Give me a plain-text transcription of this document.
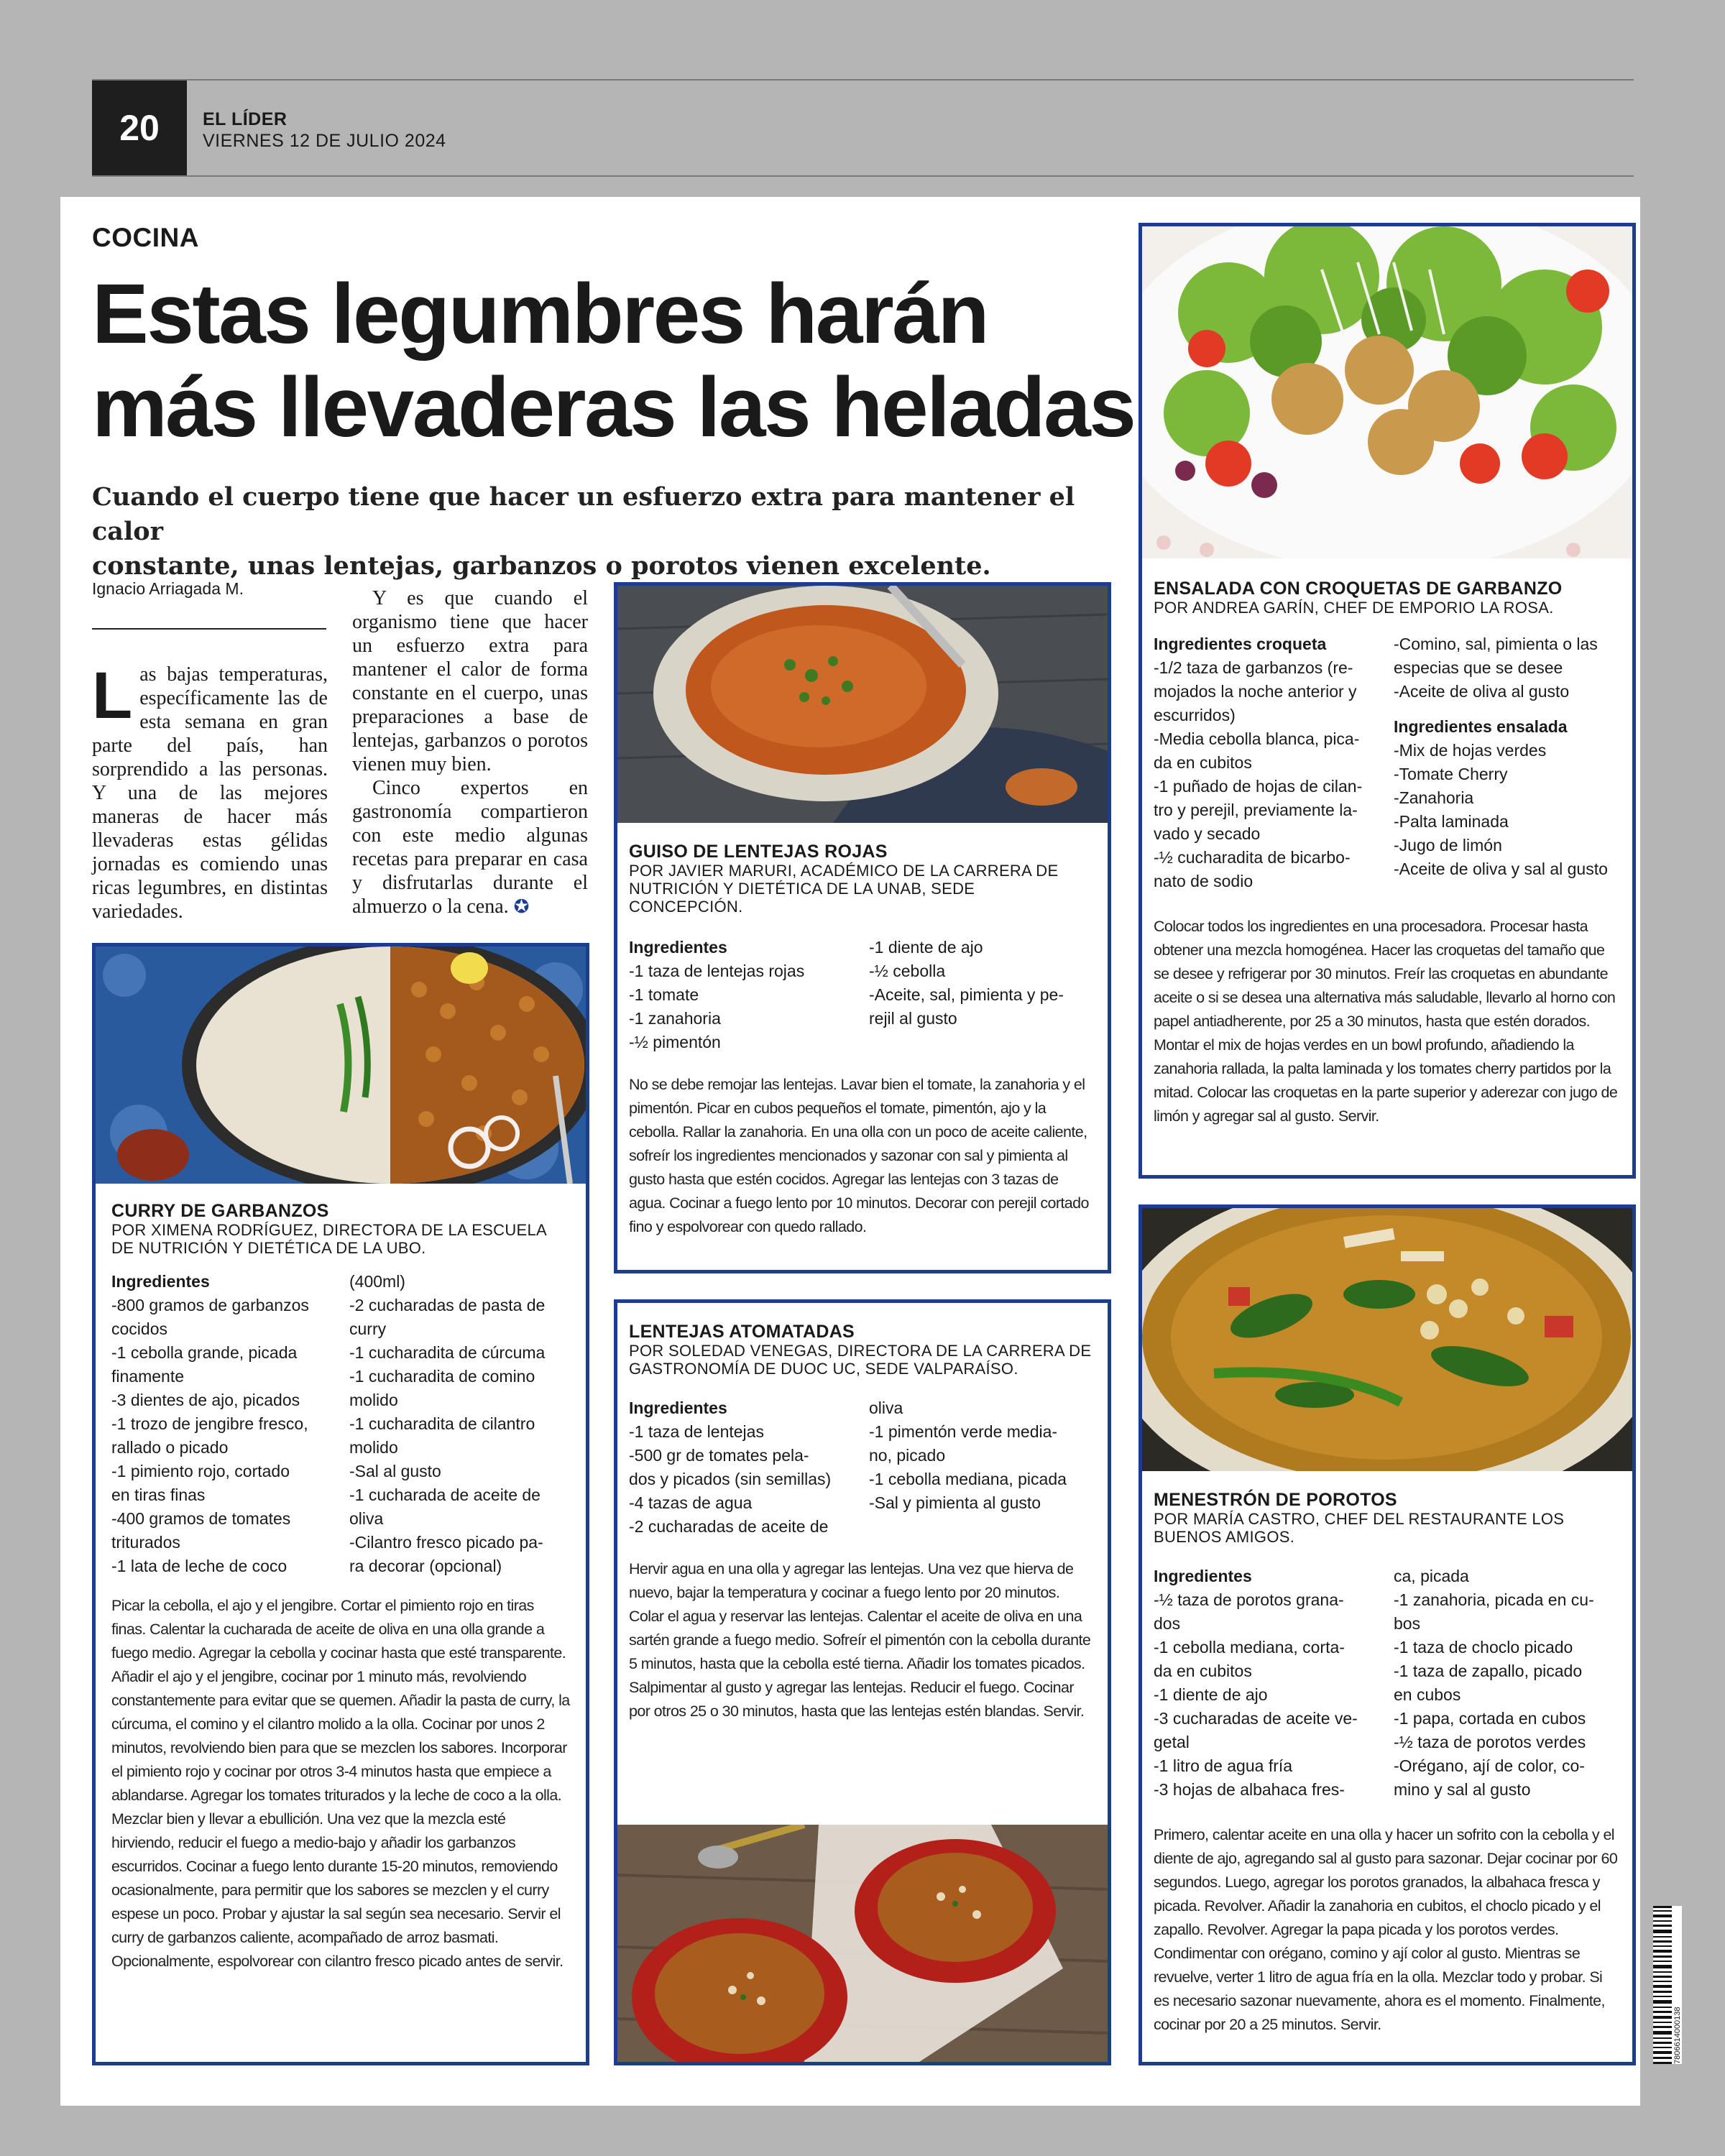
20	EL LÍDER
VIERNES 12 DE JULIO 2024
COCINA
Estas legumbres harán
más llevaderas las heladas
Cuando el cuerpo tiene que hacer un esfuerzo extra para mantener el calor
constante, unas lentejas, garbanzos o porotos vienen excelente.
Ignacio Arriagada M.
L as bajas temperaturas, específicamente las de esta semana en gran parte del país, han sorprendido a las personas. Y una de las mejores maneras de hacer más llevaderas estas gélidas jornadas es comiendo unas ricas legumbres, en distintas variedades.

Y es que cuando el organismo tiene que hacer un esfuerzo extra para mantener el calor de forma constante en el cuerpo, unas preparaciones a base de lentejas, garbanzos o porotos vienen muy bien.

Cinco expertos en gastronomía compartieron con este medio algunas recetas para preparar en casa y disfrutarlas durante el almuerzo o la cena. ✪

CURRY DE GARBANZOS
POR XIMENA RODRÍGUEZ, DIRECTORA DE LA ESCUELA
DE NUTRICIÓN Y DIETÉTICA DE LA UBO.
Ingredientes
-800 gramos de garbanzos
cocidos
-1 cebolla grande, picada
finamente
-3 dientes de ajo, picados
-1 trozo de jengibre fresco,
rallado o picado
-1 pimiento rojo, cortado
en tiras finas
-400 gramos de tomates
triturados
-1 lata de leche de coco
(400ml)
-2 cucharadas de pasta de
curry
-1 cucharadita de cúrcuma
-1 cucharadita de comino
molido
-1 cucharadita de cilantro
molido
-Sal al gusto
-1 cucharada de aceite de
oliva
-Cilantro fresco picado pa-
ra decorar (opcional)
Picar la cebolla, el ajo y el jengibre. Cortar el pimiento rojo en tiras finas. Calentar la cucharada de aceite de oliva en una olla grande a fuego medio. Agregar la cebolla y cocinar hasta que esté transparente. Añadir el ajo y el jengibre, cocinar por 1 minuto más, revolviendo constantemente para evitar que se quemen. Añadir la pasta de curry, la cúrcuma, el comino y el cilantro molido a la olla. Cocinar por unos 2 minutos, revolviendo bien para que se mezclen los sabores. Incorporar el pimiento rojo y cocinar por otros 3-4 minutos hasta que empiece a ablandarse. Agregar los tomates triturados y la leche de coco a la olla. Mezclar bien y llevar a ebullición. Una vez que la mezcla esté hirviendo, reducir el fuego a medio-bajo y añadir los garbanzos escurridos. Cocinar a fuego lento durante 15-20 minutos, removiendo ocasionalmente, para permitir que los sabores se mezclen y el curry espese un poco. Probar y ajustar la sal según sea necesario. Servir el curry de garbanzos caliente, acompañado de arroz basmati. Opcionalmente, espolvorear con cilantro fresco picado antes de servir.
GUISO DE LENTEJAS ROJAS
POR JAVIER MARURI, ACADÉMICO DE LA CARRERA DE
NUTRICIÓN Y DIETÉTICA DE LA UNAB, SEDE CONCEPCIÓN.
Ingredientes
-1 taza de lentejas rojas
-1 tomate
-1 zanahoria
-½ pimentón
-1 diente de ajo
-½ cebolla
-Aceite, sal, pimienta y pe-
rejil al gusto
No se debe remojar las lentejas. Lavar bien el tomate, la zanahoria y el pimentón. Picar en cubos pequeños el tomate, pimentón, ajo y la cebolla. Rallar la zanahoria. En una olla con un poco de aceite caliente, sofreír los ingredientes mencionados y sazonar con sal y pimienta al gusto hasta que estén cocidos. Agregar las lentejas con 3 tazas de agua. Cocinar a fuego lento por 10 minutos. Decorar con perejil cortado fino y espolvorear con quedo rallado.
LENTEJAS ATOMATADAS
POR SOLEDAD VENEGAS, DIRECTORA DE LA CARRERA DE
GASTRONOMÍA DE DUOC UC, SEDE VALPARAÍSO.
Ingredientes
-1 taza de lentejas
-500 gr de tomates pela-
dos y picados (sin semillas)
-4 tazas de agua
-2 cucharadas de aceite de
oliva
-1 pimentón verde media-
no, picado
-1 cebolla mediana, picada
-Sal y pimienta al gusto
Hervir agua en una olla y agregar las lentejas. Una vez que hierva de nuevo, bajar la temperatura y cocinar a fuego lento por 20 minutos. Colar el agua y reservar las lentejas. Calentar el aceite de oliva en una sartén grande a fuego medio. Sofreír el pimentón con la cebolla durante 5 minutos, hasta que la cebolla esté tierna. Añadir los tomates picados. Salpimentar al gusto y agregar las lentejas. Reducir el fuego. Cocinar por otros 25 o 30 minutos, hasta que las lentejas estén blandas. Servir.
ENSALADA CON CROQUETAS DE GARBANZO
POR ANDREA GARÍN, CHEF DE EMPORIO LA ROSA.
Ingredientes croqueta
-1/2 taza de garbanzos (re-
mojados la noche anterior y
escurridos)
-Media cebolla blanca, pica-
da en cubitos
-1 puñado de hojas de cilan-
tro y perejil, previamente la-
vado y secado
-½ cucharadita de bicarbo-
nato de sodio
-Comino, sal, pimienta o las
especias que se desee
-Aceite de oliva al gusto
Ingredientes ensalada
-Mix de hojas verdes
-Tomate Cherry
-Zanahoria
-Palta laminada
-Jugo de limón
-Aceite de oliva y sal al gusto
Colocar todos los ingredientes en una procesadora. Procesar hasta obtener una mezcla homogénea. Hacer las croquetas del tamaño que se desee y refrigerar por 30 minutos. Freír las croquetas en abundante aceite o si se desea una alternativa más saludable, llevarlo al horno con papel antiadherente, por 25 a 30 minutos, hasta que estén dorados. Montar el mix de hojas verdes en un bowl profundo, añadiendo la zanahoria rallada, la palta laminada y los tomates cherry partidos por la mitad. Colocar las croquetas en la parte superior y aderezar con jugo de limón y agregar sal al gusto. Servir.
MENESTRÓN DE POROTOS
POR MARÍA CASTRO, CHEF DEL RESTAURANTE LOS
BUENOS AMIGOS.
Ingredientes
-½ taza de porotos grana-
dos
-1 cebolla mediana, corta-
da en cubitos
-1 diente de ajo
-3 cucharadas de aceite ve-
getal
-1 litro de agua fría
-3 hojas de albahaca fres-
ca, picada
-1 zanahoria, picada en cu-
bos
-1 taza de choclo picado
-1 taza de zapallo, picado
en cubos
-1 papa, cortada en cubos
-½ taza de porotos verdes
-Orégano, ají de color, co-
mino y sal al gusto
Primero, calentar aceite en una olla y hacer un sofrito con la cebolla y el diente de ajo, agregando sal al gusto para sazonar. Dejar cocinar por 60 segundos. Luego, agregar los porotos granados, la albahaca fresca y picada. Revolver. Añadir la zanahoria en cubitos, el choclo picado y el zapallo. Revolver. Agregar la papa picada y los porotos verdes. Condimentar con orégano, comino y ají color al gusto. Mientras se revuelve, verter 1 litro de agua fría en la olla. Mezclar todo y probar. Si es necesario sazonar nuevamente, ahora es el momento. Finalmente, cocinar por 20 a 25 minutos. Servir.	7806614000138
